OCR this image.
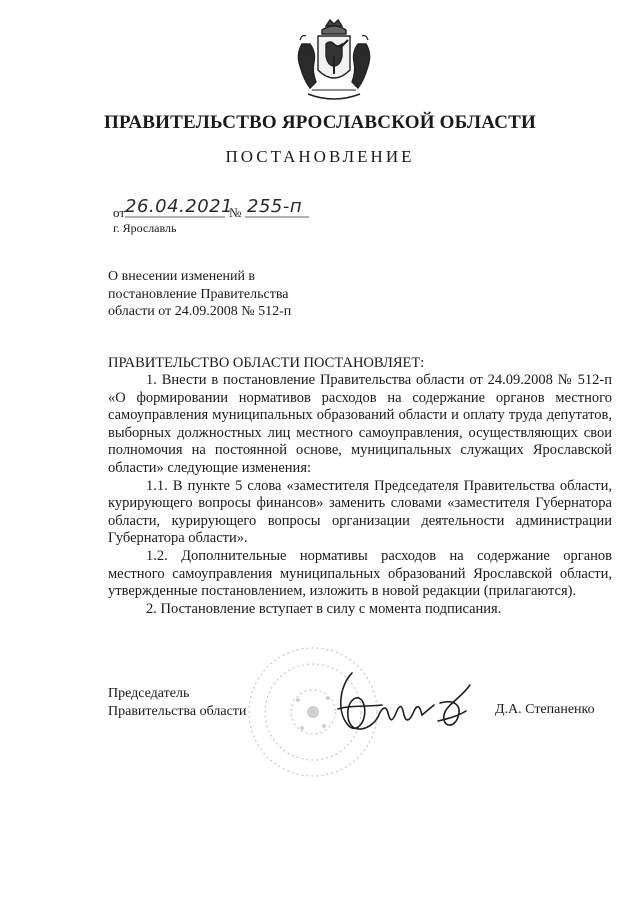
ПРАВИТЕЛЬСТВО ЯРОСЛАВСКОЙ ОБЛАСТИ
ПОСТАНОВЛЕНИЕ
от 26.04.2021
№ 255-п
г. Ярославль
О внесении изменений в
постановление Правительства
области от 24.09.2008 № 512-п
ПРАВИТЕЛЬСТВО ОБЛАСТИ ПОСТАНОВЛЯЕТ:

1. Внести в постановление Правительства области от 24.09.2008 № 512-п «О формировании нормативов расходов на содержание органов местного самоуправления муниципальных образований области и оплату труда депутатов, выборных должностных лиц местного самоуправления, осуществляющих свои полномочия на постоянной основе, муниципальных служащих Ярославской области» следующие изменения:

1.1. В пункте 5 слова «заместителя Председателя Правительства области, курирующего вопросы финансов» заменить словами «заместителя Губернатора области, курирующего вопросы организации деятельности администрации Губернатора области».

1.2. Дополнительные нормативы расходов на содержание органов местного самоуправления муниципальных образований Ярославской области, утвержденные постановлением, изложить в новой редакции (прилагаются).

2. Постановление вступает в силу с момента подписания.

Председатель
Правительства области	Д.А. Степаненко
